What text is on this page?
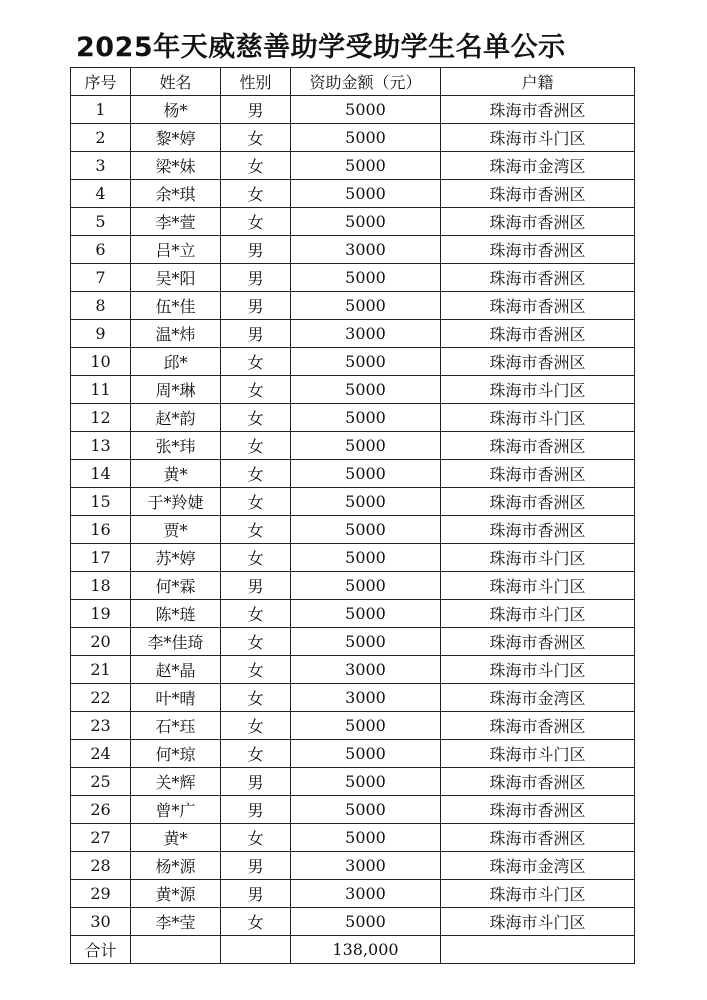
2025年天威慈善助学受助学生名单公示
序号	姓名	性别	资助金额（元）	户籍
1	杨*	男	5000	珠海市香洲区
2	黎*婷	女	5000	珠海市斗门区
3	梁*妹	女	5000	珠海市金湾区
4	余*琪	女	5000	珠海市香洲区
5	李*萱	女	5000	珠海市香洲区
6	吕*立	男	3000	珠海市香洲区
7	吴*阳	男	5000	珠海市香洲区
8	伍*佳	男	5000	珠海市香洲区
9	温*炜	男	3000	珠海市香洲区
10	邱*	女	5000	珠海市香洲区
11	周*琳	女	5000	珠海市斗门区
12	赵*韵	女	5000	珠海市斗门区
13	张*玮	女	5000	珠海市香洲区
14	黄*	女	5000	珠海市香洲区
15	于*羚婕	女	5000	珠海市香洲区
16	贾*	女	5000	珠海市香洲区
17	苏*婷	女	5000	珠海市斗门区
18	何*霖	男	5000	珠海市斗门区
19	陈*琏	女	5000	珠海市斗门区
20	李*佳琦	女	5000	珠海市香洲区
21	赵*晶	女	3000	珠海市斗门区
22	叶*晴	女	3000	珠海市金湾区
23	石*珏	女	5000	珠海市香洲区
24	何*琼	女	5000	珠海市斗门区
25	关*辉	男	5000	珠海市香洲区
26	曾*广	男	5000	珠海市香洲区
27	黄*	女	5000	珠海市香洲区
28	杨*源	男	3000	珠海市金湾区
29	黄*源	男	3000	珠海市斗门区
30	李*莹	女	5000	珠海市斗门区
合计			138,000	
